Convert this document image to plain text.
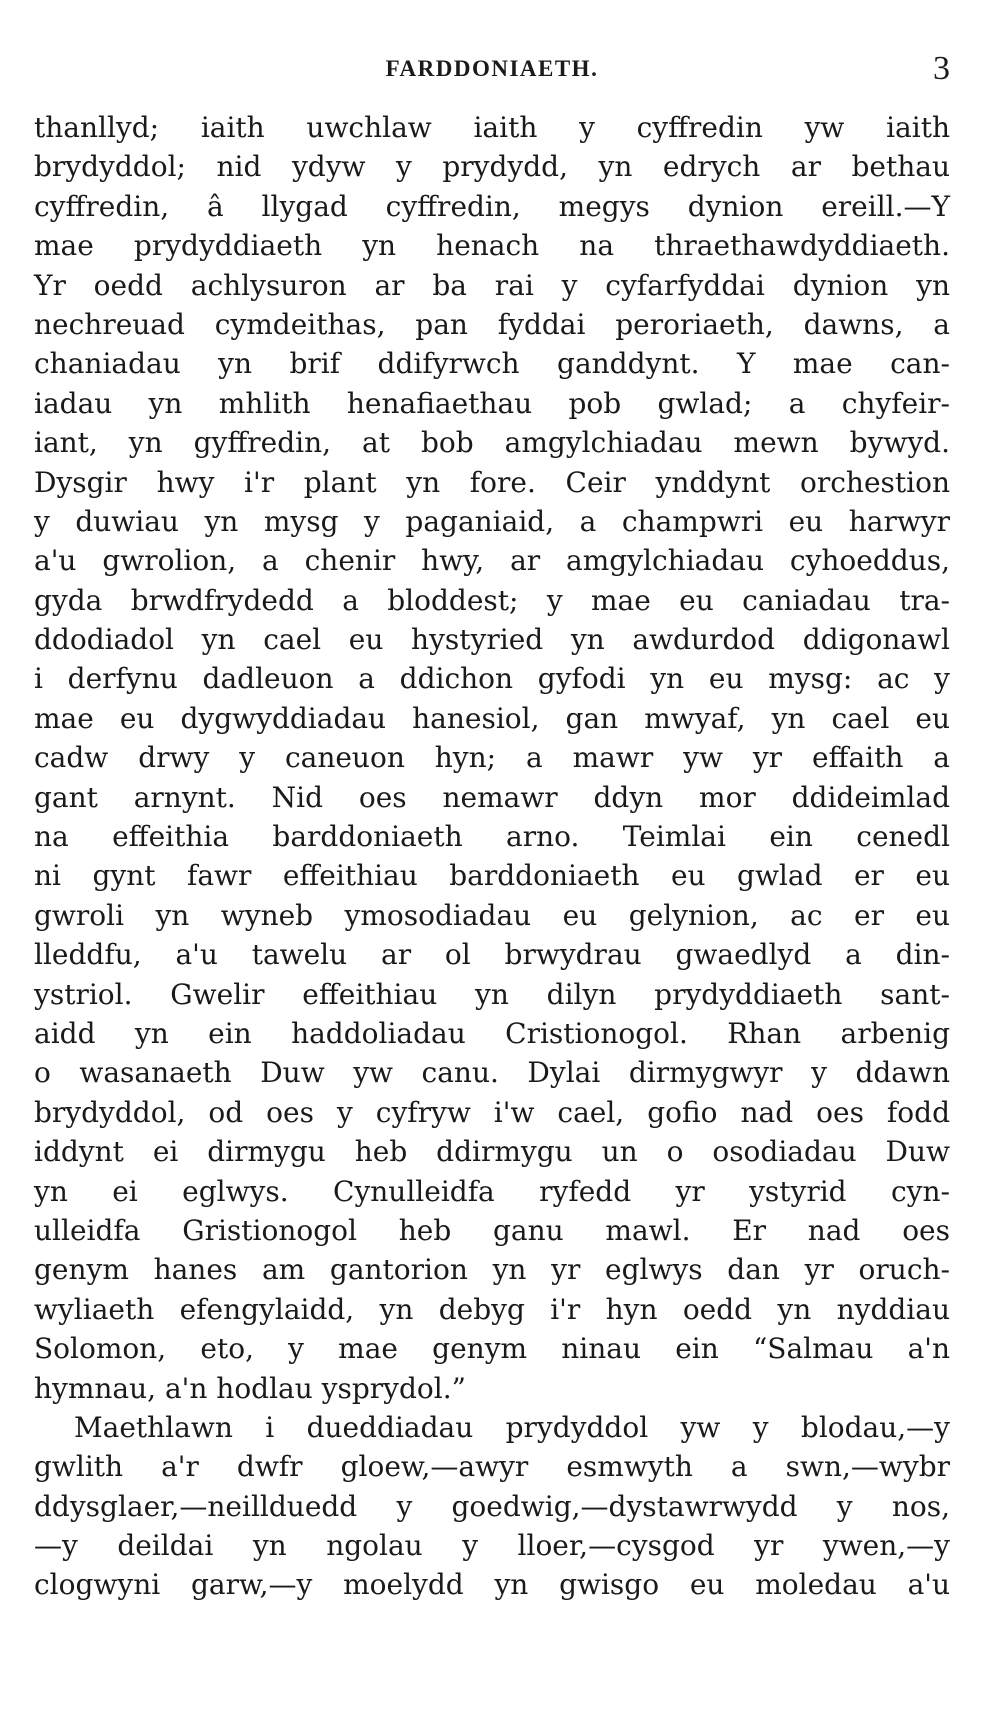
FARDDONIAETH.	3
thanllyd; iaith uwchlaw iaith y cyffredin yw iaith
brydyddol; nid ydyw y prydydd, yn edrych ar bethau
cyffredin, â llygad cyffredin, megys dynion ereill.—Y
mae prydyddiaeth yn henach na thraethawdyddiaeth.
Yr oedd achlysuron ar ba rai y cyfarfyddai dynion yn
nechreuad cymdeithas, pan fyddai peroriaeth, dawns, a
chaniadau yn brif ddifyrwch ganddynt. Y mae can-
iadau yn mhlith henafiaethau pob gwlad; a chyfeir-
iant, yn gyffredin, at bob amgylchiadau mewn bywyd.
Dysgir hwy i'r plant yn fore. Ceir ynddynt orchestion
y duwiau yn mysg y paganiaid, a champwri eu harwyr
a'u gwrolion, a chenir hwy, ar amgylchiadau cyhoeddus,
gyda brwdfrydedd a bloddest; y mae eu caniadau tra-
ddodiadol yn cael eu hystyried yn awdurdod ddigonawl
i derfynu dadleuon a ddichon gyfodi yn eu mysg: ac y
mae eu dygwyddiadau hanesiol, gan mwyaf, yn cael eu
cadw drwy y caneuon hyn; a mawr yw yr effaith a
gant arnynt. Nid oes nemawr ddyn mor ddideimlad
na effeithia barddoniaeth arno. Teimlai ein cenedl
ni gynt fawr effeithiau barddoniaeth eu gwlad er eu
gwroli yn wyneb ymosodiadau eu gelynion, ac er eu
lleddfu, a'u tawelu ar ol brwydrau gwaedlyd a din-
ystriol. Gwelir effeithiau yn dilyn prydyddiaeth sant-
aidd yn ein haddoliadau Cristionogol. Rhan arbenig
o wasanaeth Duw yw canu. Dylai dirmygwyr y ddawn
brydyddol, od oes y cyfryw i'w cael, gofio nad oes fodd
iddynt ei dirmygu heb ddirmygu un o osodiadau Duw
yn ei eglwys. Cynulleidfa ryfedd yr ystyrid cyn-
ulleidfa Gristionogol heb ganu mawl. Er nad oes
genym hanes am gantorion yn yr eglwys dan yr oruch-
wyliaeth efengylaidd, yn debyg i'r hyn oedd yn nyddiau
Solomon, eto, y mae genym ninau ein “Salmau a'n
hymnau, a'n hodlau ysprydol.”
Maethlawn i dueddiadau prydyddol yw y blodau,—y
gwlith a'r dwfr gloew,—awyr esmwyth a swn,—wybr
ddysglaer,—neillduedd y goedwig,—dystawrwydd y nos,
—y deildai yn ngolau y lloer,—cysgod yr ywen,—y
clogwyni garw,—y moelydd yn gwisgo eu moledau a'u
